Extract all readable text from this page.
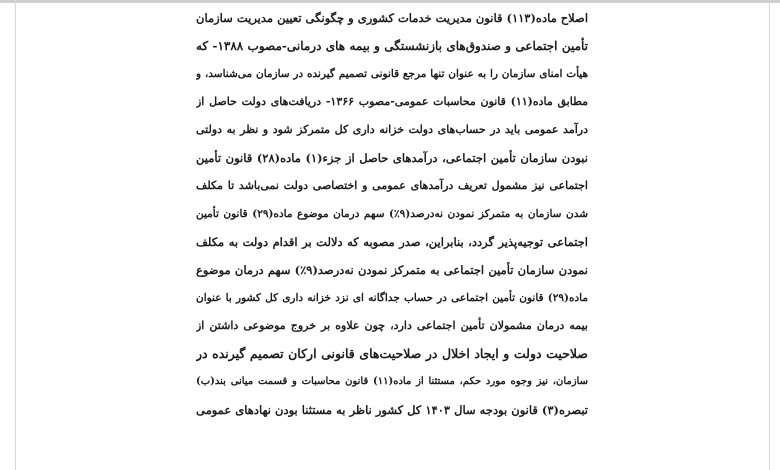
اصلاح ماده(۱۱۳) قانون مدیریت خدمات کشوری و چگونگی تعیین مدیریت سازمان
تأمین اجتماعی و صندوق‌های بازنشستگی و بیمه های درمانی-مصوب ۱۳۸۸- که
هیأت امنای سازمان را به عنوان تنها مرجع قانونی تصمیم گیرنده در سازمان می‌شناسد، و
مطابق ماده(۱۱) قانون محاسبات عمومی-مصوب ۱۳۶۶- دریافت‌های دولت حاصل از
درآمد عمومی باید در حساب‌های دولت خزانه داری کل متمرکز شود و نظر به دولتی
نبودن سازمان تأمین اجتماعی، درآمدهای حاصل از جزء(۱) ماده(۲۸) قانون تأمین
اجتماعی نیز مشمول تعریف درآمدهای عمومی و اختصاصی دولت نمی‌باشد تا مکلف
شدن سازمان به متمرکز نمودن نه‌درصد(۹٪) سهم درمان موضوع ماده(۲۹) قانون تأمین
اجتماعی توجیه‌پذیر گردد، بنابراین، صدر مصوبه که دلالت بر اقدام دولت به مکلف
نمودن سازمان تأمین اجتماعی به متمرکز نمودن نه‌درصد(۹٪) سهم درمان موضوع
ماده(۲۹) قانون تأمین اجتماعی در حساب جداگانه ای نزد خزانه داری کل کشور با عنوان
بیمه درمان مشمولان تأمین اجتماعی دارد، چون علاوه بر خروج موضوعی داشتن از
صلاحیت دولت و ایجاد اخلال در صلاحیت‌های قانونی ارکان تصمیم گیرنده در
سازمان، نیز وجوه مورد حکم، مستثنا از ماده(۱۱) قانون محاسبات و قسمت میانی بند(ب)
تبصره(۳) قانون بودجه سال ۱۴۰۳ کل کشور ناظر به مستثنا بودن نهادهای عمومی
